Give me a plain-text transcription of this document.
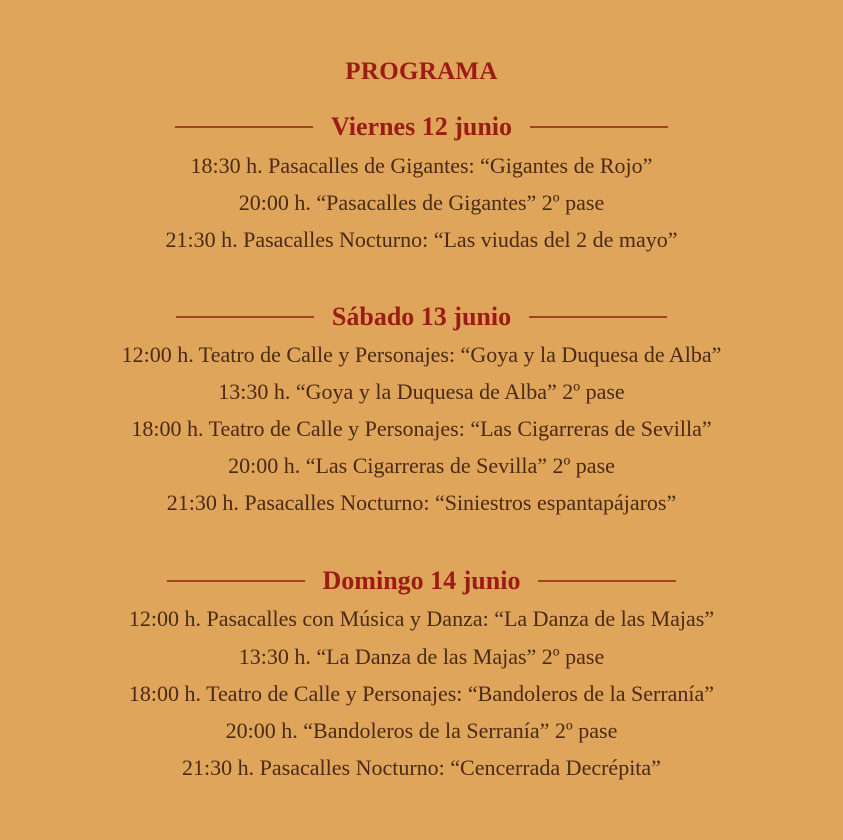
PROGRAMA
Viernes 12 junio
18:30 h. Pasacalles de Gigantes: “Gigantes de Rojo”
20:00 h. “Pasacalles de Gigantes” 2º pase
21:30 h. Pasacalles Nocturno: “Las viudas del 2 de mayo”
Sábado 13 junio
12:00 h. Teatro de Calle y Personajes: “Goya y la Duquesa de Alba”
13:30 h. “Goya y la Duquesa de Alba” 2º pase
18:00 h. Teatro de Calle y Personajes: “Las Cigarreras de Sevilla”
20:00 h. “Las Cigarreras de Sevilla” 2º pase
21:30 h. Pasacalles Nocturno: “Siniestros espantapájaros”
Domingo 14 junio
12:00 h. Pasacalles con Música y Danza: “La Danza de las Majas”
13:30 h. “La Danza de las Majas” 2º pase
18:00 h. Teatro de Calle y Personajes: “Bandoleros de la Serranía”
20:00 h. “Bandoleros de la Serranía” 2º pase
21:30 h. Pasacalles Nocturno: “Cencerrada Decrépita”
